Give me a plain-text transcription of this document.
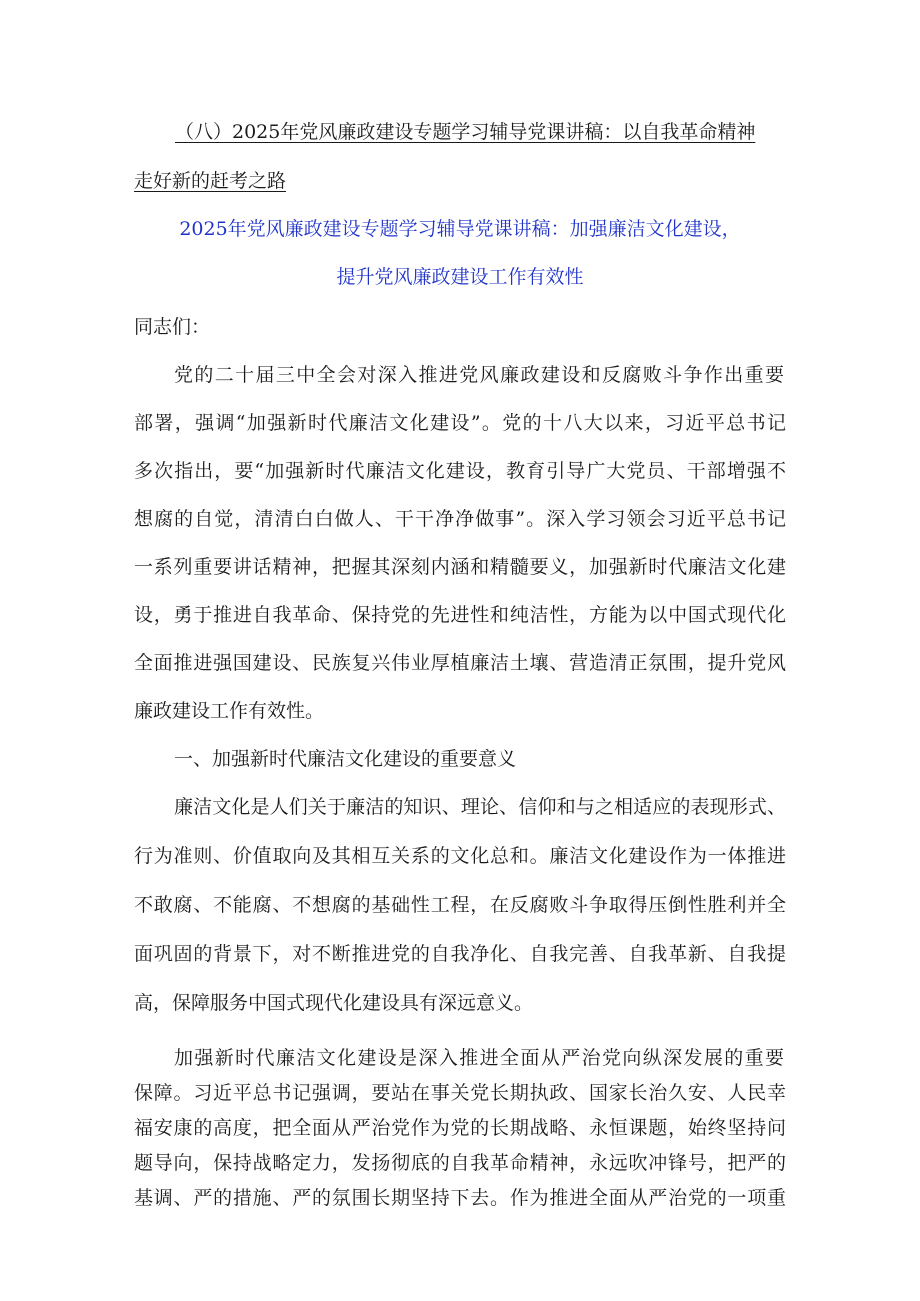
（八）2025年党风廉政建设专题学习辅导党课讲稿：以自我革命精神
走好新的赶考之路
2025年党风廉政建设专题学习辅导党课讲稿：加强廉洁文化建设，
提升党风廉政建设工作有效性
同志们：
党的二十届三中全会对深入推进党风廉政建设和反腐败斗争作出重要
部署，强调“加强新时代廉洁文化建设”。党的十八大以来，习近平总书记
多次指出，要“加强新时代廉洁文化建设，教育引导广大党员、干部增强不
想腐的自觉，清清白白做人、干干净净做事”。深入学习领会习近平总书记
一系列重要讲话精神，把握其深刻内涵和精髓要义，加强新时代廉洁文化建
设，勇于推进自我革命、保持党的先进性和纯洁性，方能为以中国式现代化
全面推进强国建设、民族复兴伟业厚植廉洁土壤、营造清正氛围，提升党风
廉政建设工作有效性。
一、加强新时代廉洁文化建设的重要意义
廉洁文化是人们关于廉洁的知识、理论、信仰和与之相适应的表现形式、
行为准则、价值取向及其相互关系的文化总和。廉洁文化建设作为一体推进
不敢腐、不能腐、不想腐的基础性工程，在反腐败斗争取得压倒性胜利并全
面巩固的背景下，对不断推进党的自我净化、自我完善、自我革新、自我提
高，保障服务中国式现代化建设具有深远意义。
加强新时代廉洁文化建设是深入推进全面从严治党向纵深发展的重要
保障。习近平总书记强调，要站在事关党长期执政、国家长治久安、人民幸
福安康的高度，把全面从严治党作为党的长期战略、永恒课题，始终坚持问
题导向，保持战略定力，发扬彻底的自我革命精神，永远吹冲锋号，把严的
基调、严的措施、严的氛围长期坚持下去。作为推进全面从严治党的一项重
